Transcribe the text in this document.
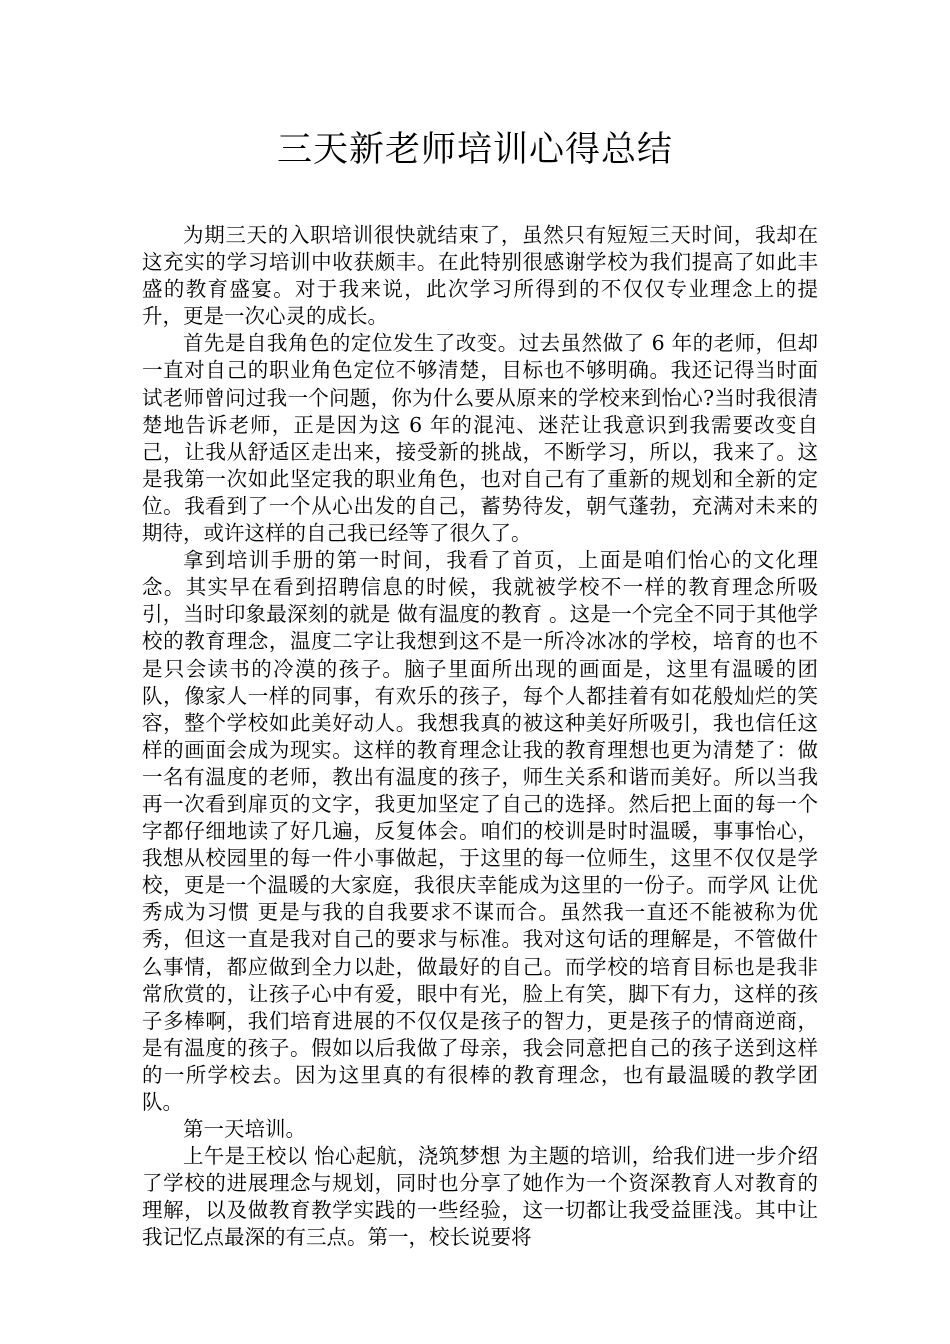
三天新老师培训心得总结

为期三天的入职培训很快就结束了，虽然只有短短三天时间，我却在这充实的学习培训中收获颇丰。在此特别很感谢学校为我们提高了如此丰盛的教育盛宴。对于我来说，此次学习所得到的不仅仅专业理念上的提升，更是一次心灵的成长。

首先是自我角色的定位发生了改变。过去虽然做了 6 年的老师，但却一直对自己的职业角色定位不够清楚，目标也不够明确。我还记得当时面试老师曾问过我一个问题，你为什么要从原来的学校来到怡心?当时我很清楚地告诉老师，正是因为这 6 年的混沌、迷茫让我意识到我需要改变自己，让我从舒适区走出来，接受新的挑战，不断学习，所以，我来了。这是我第一次如此坚定我的职业角色，也对自己有了重新的规划和全新的定位。我看到了一个从心出发的自己，蓄势待发，朝气蓬勃，充满对未来的期待，或许这样的自己我已经等了很久了。

拿到培训手册的第一时间，我看了首页，上面是咱们怡心的文化理念。其实早在看到招聘信息的时候，我就被学校不一样的教育理念所吸引，当时印象最深刻的就是 做有温度的教育 。这是一个完全不同于其他学校的教育理念，温度二字让我想到这不是一所冷冰冰的学校，培育的也不是只会读书的冷漠的孩子。脑子里面所出现的画面是，这里有温暖的团队，像家人一样的同事，有欢乐的孩子，每个人都挂着有如花般灿烂的笑容，整个学校如此美好动人。我想我真的被这种美好所吸引，我也信任这样的画面会成为现实。这样的教育理念让我的教育理想也更为清楚了：做一名有温度的老师，教出有温度的孩子，师生关系和谐而美好。所以当我再一次看到扉页的文字，我更加坚定了自己的选择。然后把上面的每一个字都仔细地读了好几遍，反复体会。咱们的校训是时时温暖，事事怡心，我想从校园里的每一件小事做起，于这里的每一位师生，这里不仅仅是学校，更是一个温暖的大家庭，我很庆幸能成为这里的一份子。而学风 让优秀成为习惯 更是与我的自我要求不谋而合。虽然我一直还不能被称为优秀，但这一直是我对自己的要求与标准。我对这句话的理解是，不管做什么事情，都应做到全力以赴，做最好的自己。而学校的培育目标也是我非常欣赏的，让孩子心中有爱，眼中有光，脸上有笑，脚下有力，这样的孩子多棒啊，我们培育进展的不仅仅是孩子的智力，更是孩子的情商逆商，是有温度的孩子。假如以后我做了母亲，我会同意把自己的孩子送到这样的一所学校去。因为这里真的有很棒的教育理念，也有最温暖的教学团队。

第一天培训。

上午是王校以 怡心起航，浇筑梦想 为主题的培训，给我们进一步介绍了学校的进展理念与规划，同时也分享了她作为一个资深教育人对教育的理解，以及做教育教学实践的一些经验，这一切都让我受益匪浅。其中让我记忆点最深的有三点。第一，校长说要将
